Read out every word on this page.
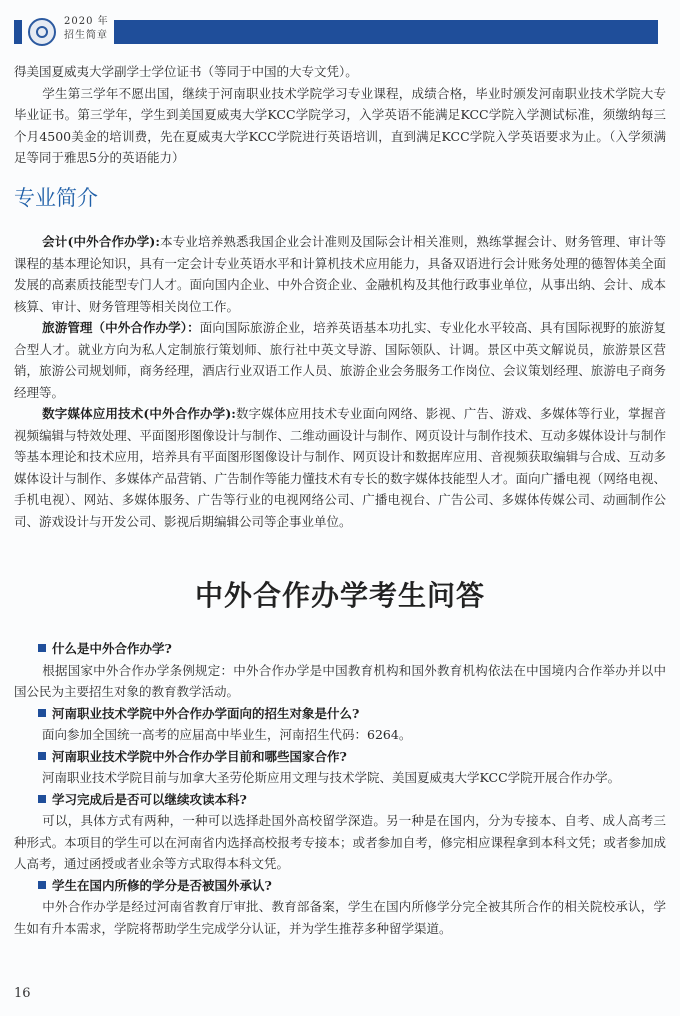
2020 年
招生简章
得美国夏威夷大学副学士学位证书（等同于中国的大专文凭）。
学生第三学年不愿出国，继续于河南职业技术学院学习专业课程，成绩合格，毕业时颁发河南职业技术学院大专毕业证书。第三学年，学生到美国夏威夷大学KCC学院学习，入学英语不能满足KCC学院入学测试标准，须缴纳每三个月4500美金的培训费，先在夏威夷大学KCC学院进行英语培训，直到满足KCC学院入学英语要求为止。（入学须满足等同于雅思5分的英语能力）
专业简介
会计(中外合作办学):本专业培养熟悉我国企业会计准则及国际会计相关准则，熟练掌握会计、财务管理、审计等课程的基本理论知识，具有一定会计专业英语水平和计算机技术应用能力，具备双语进行会计账务处理的德智体美全面发展的高素质技能型专门人才。面向国内企业、中外合资企业、金融机构及其他行政事业单位，从事出纳、会计、成本核算、审计、财务管理等相关岗位工作。
旅游管理（中外合作办学）：面向国际旅游企业，培养英语基本功扎实、专业化水平较高、具有国际视野的旅游复合型人才。就业方向为私人定制旅行策划师、旅行社中英文导游、国际领队、计调。景区中英文解说员，旅游景区营销，旅游公司规划师，商务经理，酒店行业双语工作人员、旅游企业会务服务工作岗位、会议策划经理、旅游电子商务经理等。
数字媒体应用技术(中外合作办学):数字媒体应用技术专业面向网络、影视、广告、游戏、多媒体等行业，掌握音视频编辑与特效处理、平面图形图像设计与制作、二维动画设计与制作、网页设计与制作技术、互动多媒体设计与制作等基本理论和技术应用，培养具有平面图形图像设计与制作、网页设计和数据库应用、音视频获取编辑与合成、互动多媒体设计与制作、多媒体产品营销、广告制作等能力懂技术有专长的数字媒体技能型人才。面向广播电视（网络电视、手机电视）、网站、多媒体服务、广告等行业的电视网络公司、广播电视台、广告公司、多媒体传媒公司、动画制作公司、游戏设计与开发公司、影视后期编辑公司等企事业单位。
中外合作办学考生问答
什么是中外合作办学?
根据国家中外合作办学条例规定：中外合作办学是中国教育机构和国外教育机构依法在中国境内合作举办并以中国公民为主要招生对象的教育教学活动。
河南职业技术学院中外合作办学面向的招生对象是什么?
面向参加全国统一高考的应届高中毕业生，河南招生代码：6264。
河南职业技术学院中外合作办学目前和哪些国家合作?
河南职业技术学院目前与加拿大圣劳伦斯应用文理与技术学院、美国夏威夷大学KCC学院开展合作办学。
学习完成后是否可以继续攻读本科?
可以，具体方式有两种，一种可以选择赴国外高校留学深造。另一种是在国内，分为专接本、自考、成人高考三种形式。本项目的学生可以在河南省内选择高校报考专接本；或者参加自考，修完相应课程拿到本科文凭；或者参加成人高考，通过函授或者业余等方式取得本科文凭。
学生在国内所修的学分是否被国外承认?
中外合作办学是经过河南省教育厅审批、教育部备案，学生在国内所修学分完全被其所合作的相关院校承认，学生如有升本需求，学院将帮助学生完成学分认证，并为学生推荐多种留学渠道。
16
